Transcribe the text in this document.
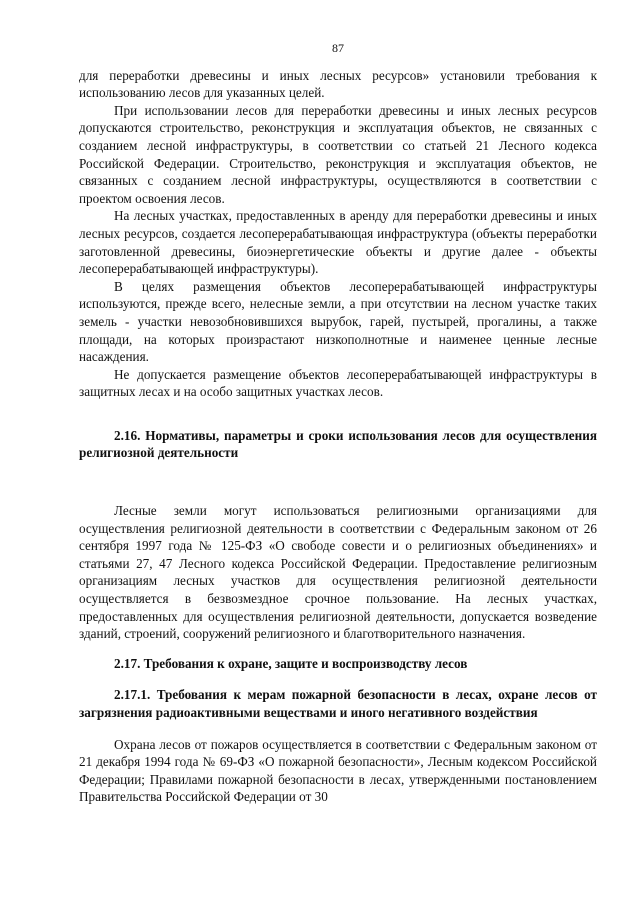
87

для переработки древесины и иных лесных ресурсов» установили требования к использованию лесов для указанных целей.

При использовании лесов для переработки древесины и иных лесных ресурсов допускаются строительство, реконструкция и эксплуатация объектов, не связанных с созданием лесной инфраструктуры, в соответствии со статьей 21 Лесного кодекса Российской Федерации. Строительство, реконструкция и эксплуатация объектов, не связанных с созданием лесной инфраструктуры, осуществляются в соответствии с проектом освоения лесов.

На лесных участках, предоставленных в аренду для переработки древесины и иных лесных ресурсов, создается лесоперерабатывающая инфраструктура (объекты переработки заготовленной древесины, биоэнергетические объекты и другие далее - объекты лесоперерабатывающей инфраструктуры).

В целях размещения объектов лесоперерабатывающей инфраструктуры используются, прежде всего, нелесные земли, а при отсутствии на лесном участке таких земель - участки невозобновившихся вырубок, гарей, пустырей, прогалины, а также площади, на которых произрастают низкополнотные и наименее ценные лесные насаждения.

Не допускается размещение объектов лесоперерабатывающей инфраструктуры в защитных лесах и на особо защитных участках лесов.

2.16. Нормативы, параметры и сроки использования лесов для осуществления религиозной деятельности

Лесные земли могут использоваться религиозными организациями для осуществления религиозной деятельности в соответствии с Федеральным законом от 26 сентября 1997 года № 125-ФЗ «О свободе совести и о религиозных объединениях» и статьями 27, 47 Лесного кодекса Российской Федерации. Предоставление религиозным организациям лесных участков для осуществления религиозной деятельности осуществляется в безвозмездное срочное пользование. На лесных участках, предоставленных для осуществления религиозной деятельности, допускается возведение зданий, строений, сооружений религиозного и благотворительного назначения.

2.17. Требования к охране, защите и воспроизводству лесов
2.17.1. Требования к мерам пожарной безопасности в лесах, охране лесов от загрязнения радиоактивными веществами и иного негативного воздействия

Охрана лесов от пожаров осуществляется в соответствии с Федеральным законом от 21 декабря 1994 года № 69-ФЗ «О пожарной безопасности», Лесным кодексом Российской Федерации; Правилами пожарной безопасности в лесах, утвержденными постановлением Правительства Российской Федерации от 30
